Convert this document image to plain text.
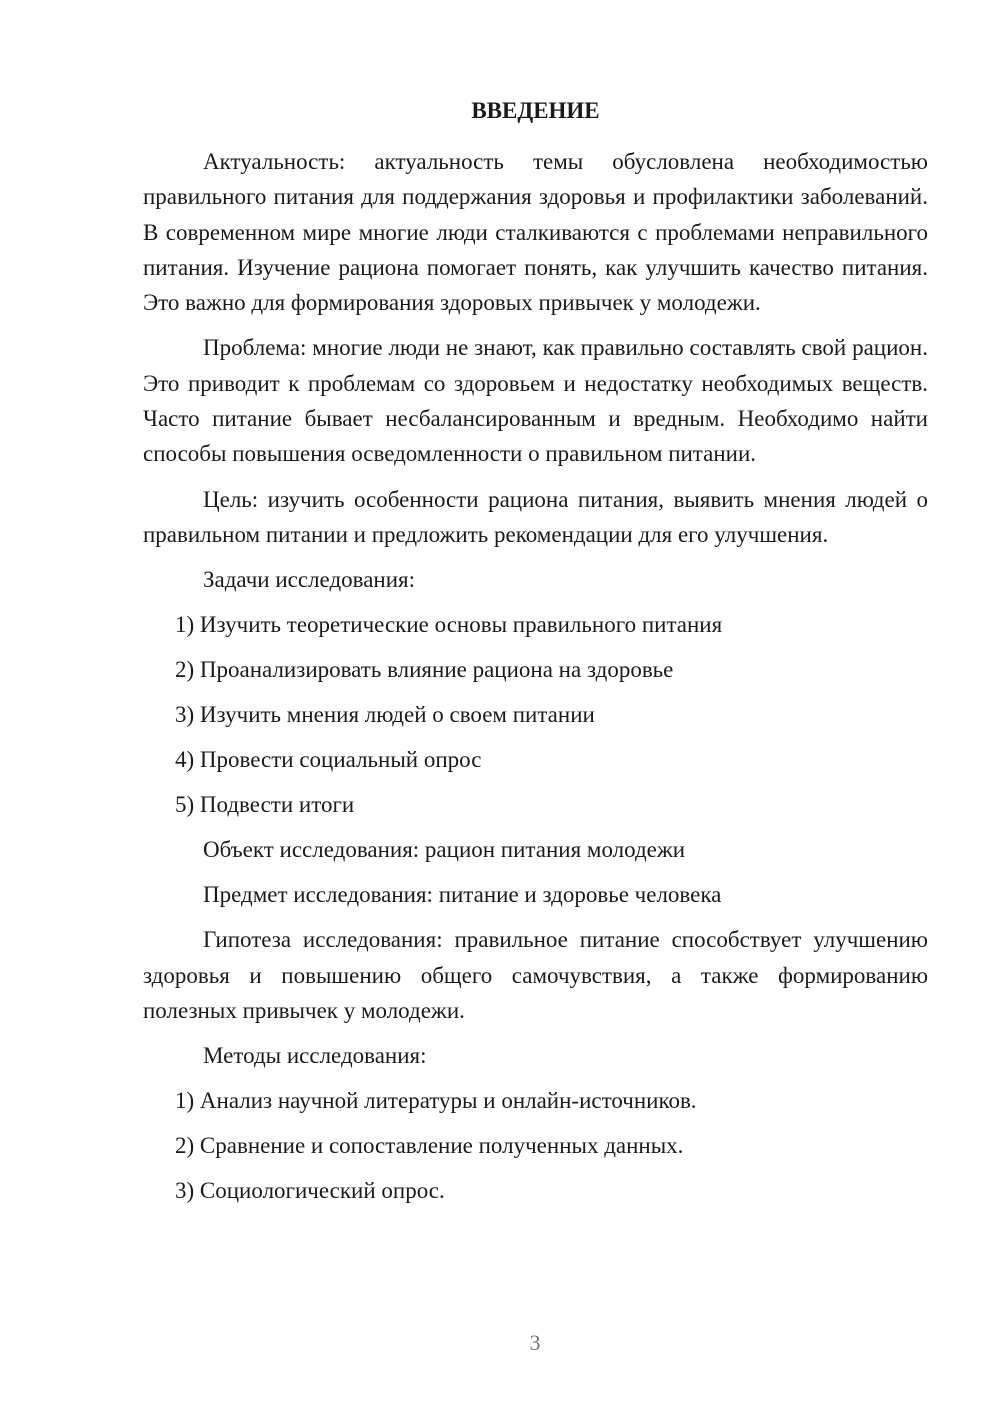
ВВЕДЕНИЕ

Актуальность: актуальность темы обусловлена необходимостью правильного питания для поддержания здоровья и профилактики заболеваний. В современном мире многие люди сталкиваются с проблемами неправильного питания. Изучение рациона помогает понять, как улучшить качество питания. Это важно для формирования здоровых привычек у молодежи.

Проблема: многие люди не знают, как правильно составлять свой рацион. Это приводит к проблемам со здоровьем и недостатку необходимых веществ. Часто питание бывает несбалансированным и вредным. Необходимо найти способы повышения осведомленности о правильном питании.

Цель: изучить особенности рациона питания, выявить мнения людей о правильном питании и предложить рекомендации для его улучшения.

Задачи исследования:
1) Изучить теоретические основы правильного питания
2) Проанализировать влияние рациона на здоровье
3) Изучить мнения людей о своем питании
4) Провести социальный опрос
5) Подвести итоги
Объект исследования: рацион питания молодежи
Предмет исследования: питание и здоровье человека

Гипотеза исследования: правильное питание способствует улучшению здоровья и повышению общего самочувствия, а также формированию полезных привычек у молодежи.

Методы исследования:
1) Анализ научной литературы и онлайн-источников.
2) Сравнение и сопоставление полученных данных.
3) Социологический опрос.
3
